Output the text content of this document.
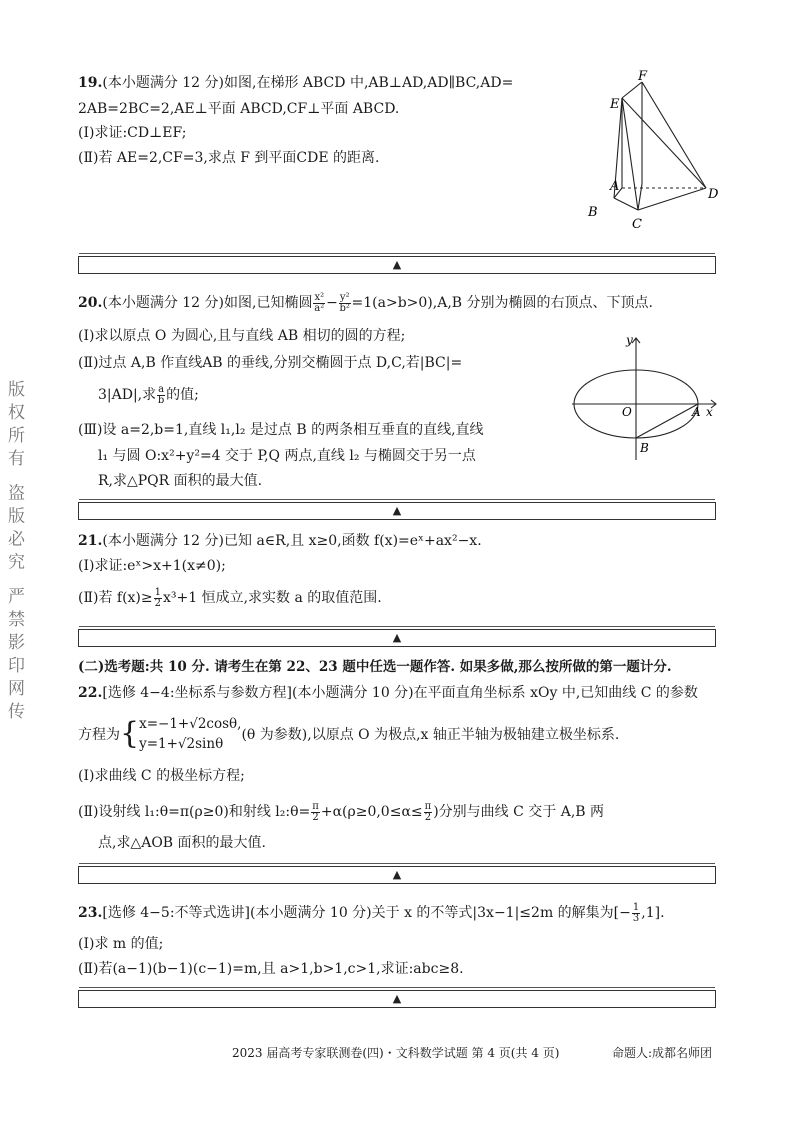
版权所有 盗版必究 严禁影印网传
19.(本小题满分 12 分)如图,在梯形 ABCD 中,AB⊥AD,AD∥BC,AD=
2AB=2BC=2,AE⊥平面 ABCD,CF⊥平面 ABCD.
(Ⅰ)求证:CD⊥EF;
(Ⅱ)若 AE=2,CF=3,求点 F 到平面CDE 的距离.
F
E
A
B
C
D
▲
20.(本小题满分 12 分)如图,已知椭圆 $\frac{\text{x²}}{\text{a²}} - \frac{\text{y²}}{\text{b²}} =1(a>b>0),A,B$ 分别为椭圆的右顶点、下顶点.
(Ⅰ)求以原点 O 为圆心,且与直线 AB 相切的圆的方程;
(Ⅱ)过点 A,B 作直线AB 的垂线,分别交椭圆于点 D,C,若|BC|=
3|AD|,求 $\frac{a}{b}$ 的值;
(Ⅲ)设 a=2,b=1,直线 l₁,l₂ 是过点 B 的两条相互垂直的直线,直线
l₁ 与圆 O:x²+y²=4 交于 P,Q 两点,直线 l₂ 与椭圆交于另一点
R,求△PQR 面积的最大值.
y
x
O	A
B
▲
21.(本小题满分 12 分)已知 a∈R,且 x≥0,函数 f(x)=eˣ+ax²−x.
(Ⅰ)求证:eˣ>x+1(x≠0);
(Ⅱ)若 $f(x)\ge \frac{1}{2} x^3+1$ 恒成立,求实数 a 的取值范围.
▲
(二)选考题:共 10 分. 请考生在第 22、23 题中任选一题作答. 如果多做,那么按所做的第一题计分.
22.[选修 4−4:坐标系与参数方程](本小题满分 10 分)在平面直角坐标系 xOy 中,已知曲线 C 的参数
方程为 { x=−1+√2cosθ,
y=1+√2sinθ
(θ 为参数),以原点 O 为极点,x 轴正半轴为极轴建立极坐标系.
(Ⅰ)求曲线 C 的极坐标方程;
(Ⅱ)设射线 l₁:θ=π(ρ≥0)和射线 l₂:θ= $\frac{\pi}{2} +\alpha(\rho\ge 0,0\le\alpha\le \frac{\pi}{2}$ )分别与曲线 C 交于 A,B 两
点,求△AOB 面积的最大值.
▲
23.[选修 4−5:不等式选讲](本小题满分 10 分)关于 x 的不等式|3x−1|≤2m 的解集为[− $\frac{1}{3} ,1$].
(Ⅰ)求 m 的值;
(Ⅱ)若(a−1)(b−1)(c−1)=m,且 a>1,b>1,c>1,求证:abc≥8.
▲
2023 届高考专家联测卷(四)・文科数学试题 第 4 页(共 4 页)	命题人:成都名师团
